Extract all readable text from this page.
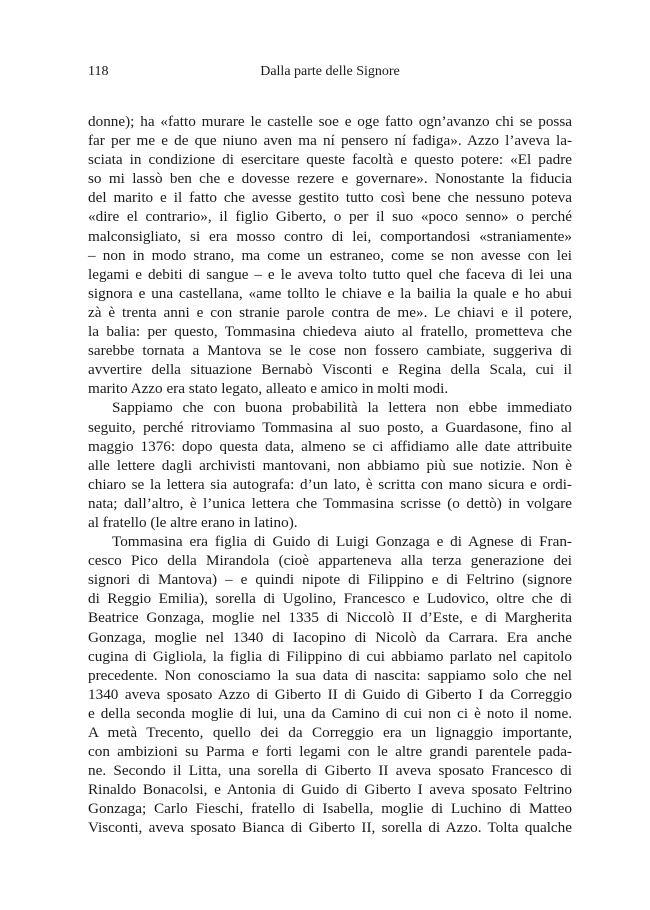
118	Dalla parte delle Signore
donne); ha «fatto murare le castelle soe e oge fatto ogn’avanzo chi se possa
far per me e de que niuno aven ma ní pensero ní fadiga». Azzo l’aveva la-
sciata in condizione di esercitare queste facoltà e questo potere: «El padre
so mi lassò ben che e dovesse rezere e governare». Nonostante la fiducia
del marito e il fatto che avesse gestito tutto così bene che nessuno poteva
«dire el contrario», il figlio Giberto, o per il suo «poco senno» o perché
malconsigliato, si era mosso contro di lei, comportandosi «straniamente»
– non in modo strano, ma come un estraneo, come se non avesse con lei
legami e debiti di sangue – e le aveva tolto tutto quel che faceva di lei una
signora e una castellana, «ame tollto le chiave e la bailia la quale e ho abui
zà è trenta anni e con stranie parole contra de me». Le chiavi e il potere,
la balia: per questo, Tommasina chiedeva aiuto al fratello, prometteva che
sarebbe tornata a Mantova se le cose non fossero cambiate, suggeriva di
avvertire della situazione Bernabò Visconti e Regina della Scala, cui il
marito Azzo era stato legato, alleato e amico in molti modi.
Sappiamo che con buona probabilità la lettera non ebbe immediato
seguito, perché ritroviamo Tommasina al suo posto, a Guardasone, fino al
maggio 1376: dopo questa data, almeno se ci affidiamo alle date attribuite
alle lettere dagli archivisti mantovani, non abbiamo più sue notizie. Non è
chiaro se la lettera sia autografa: d’un lato, è scritta con mano sicura e ordi-
nata; dall’altro, è l’unica lettera che Tommasina scrisse (o dettò) in volgare
al fratello (le altre erano in latino).
Tommasina era figlia di Guido di Luigi Gonzaga e di Agnese di Fran-
cesco Pico della Mirandola (cioè apparteneva alla terza generazione dei
signori di Mantova) – e quindi nipote di Filippino e di Feltrino (signore
di Reggio Emilia), sorella di Ugolino, Francesco e Ludovico, oltre che di
Beatrice Gonzaga, moglie nel 1335 di Niccolò II d’Este, e di Margherita
Gonzaga, moglie nel 1340 di Iacopino di Nicolò da Carrara. Era anche
cugina di Gigliola, la figlia di Filippino di cui abbiamo parlato nel capitolo
precedente. Non conosciamo la sua data di nascita: sappiamo solo che nel
1340 aveva sposato Azzo di Giberto II di Guido di Giberto I da Correggio
e della seconda moglie di lui, una da Camino di cui non ci è noto il nome.
A metà Trecento, quello dei da Correggio era un lignaggio importante,
con ambizioni su Parma e forti legami con le altre grandi parentele pada-
ne. Secondo il Litta, una sorella di Giberto II aveva sposato Francesco di
Rinaldo Bonacolsi, e Antonia di Guido di Giberto I aveva sposato Feltrino
Gonzaga; Carlo Fieschi, fratello di Isabella, moglie di Luchino di Matteo
Visconti, aveva sposato Bianca di Giberto II, sorella di Azzo. Tolta qualche
